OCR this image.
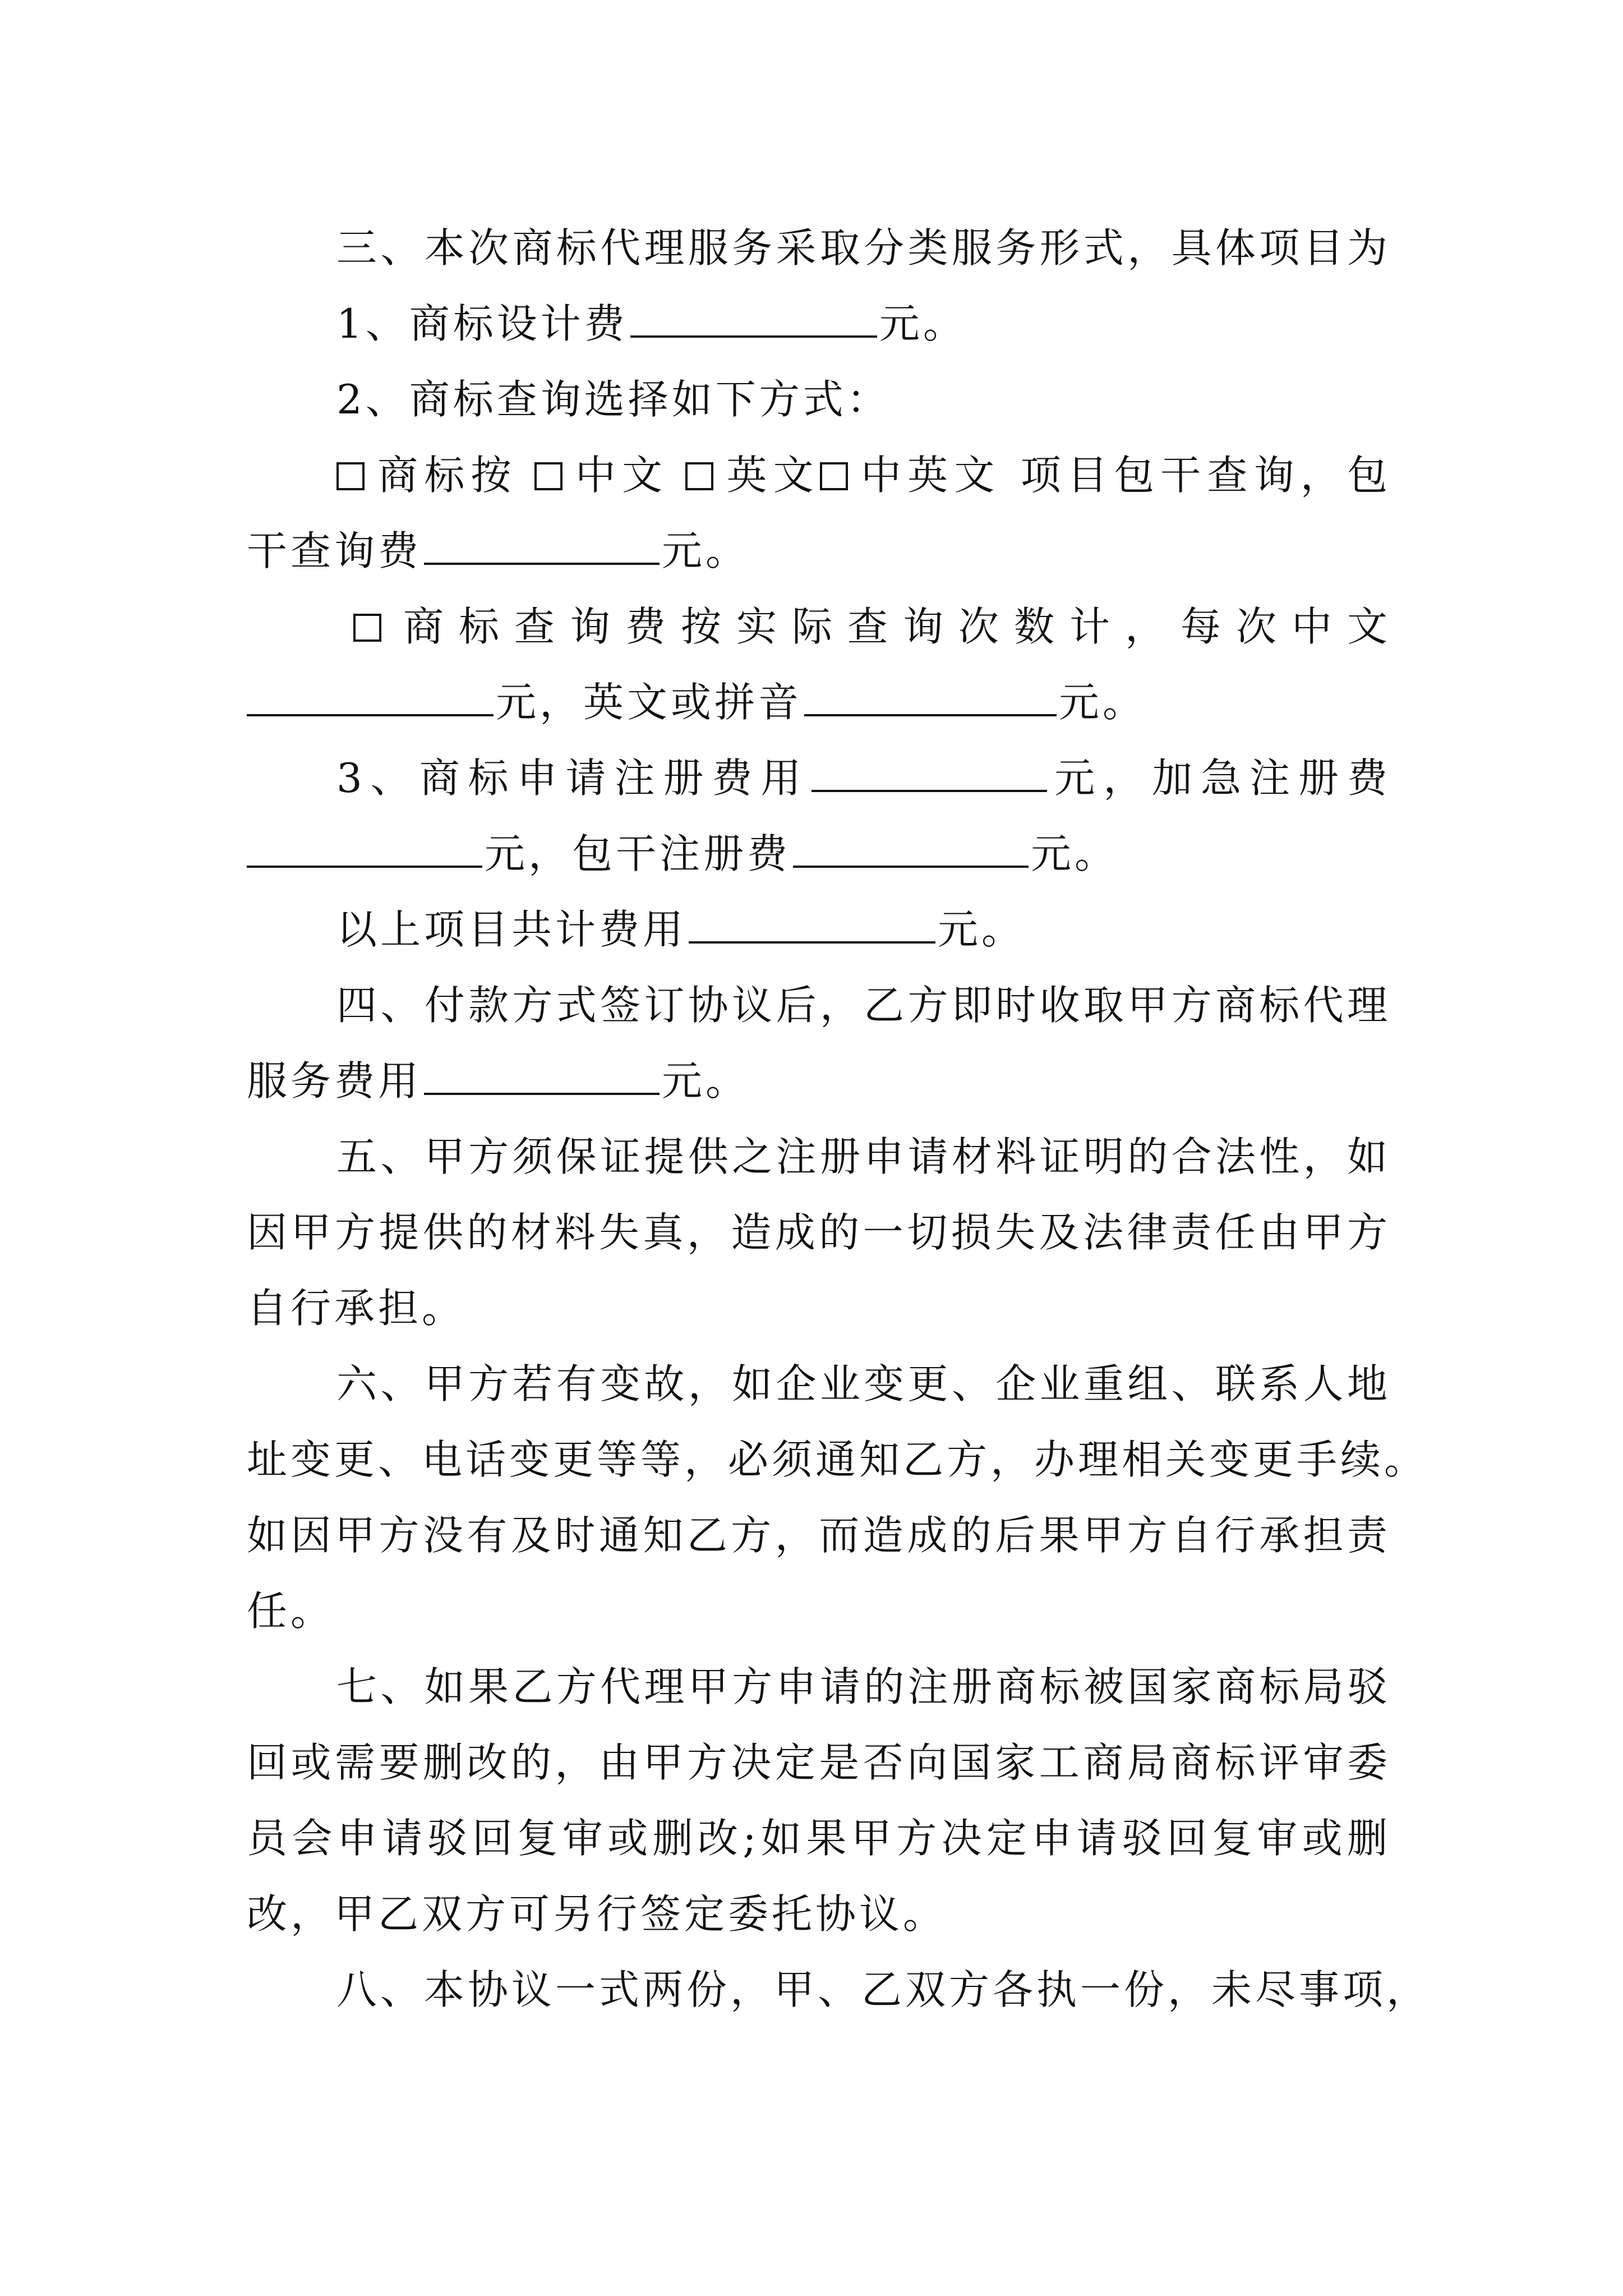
三、本次商标代理服务采取分类服务形式，具体项目为
1、商标设计费	元。
2、商标查询选择如下方式：
商标按 中文 英文 中英文 项目包干查询，包
干查询费	元。
商标查询费按实际查询次数计，每次中文
元，英文或拼音	元。
3、商标申请注册费用	元，加急注册费
元，包干注册费	元。
以上项目共计费用	元。
四、付款方式签订协议后，乙方即时收取甲方商标代理
服务费用	元。
五、甲方须保证提供之注册申请材料证明的合法性，如
因甲方提供的材料失真，造成的一切损失及法律责任由甲方
自行承担。
六、甲方若有变故，如企业变更、企业重组、联系人地
址变更、电话变更等等，必须通知乙方，办理相关变更手续。
如因甲方没有及时通知乙方，而造成的后果甲方自行承担责
任。
七、如果乙方代理甲方申请的注册商标被国家商标局驳
回或需要删改的，由甲方决定是否向国家工商局商标评审委
员会申请驳回复审或删改;如果甲方决定申请驳回复审或删
改，甲乙双方可另行签定委托协议。
八、本协议一式两份，甲、乙双方各执一份，未尽事项，
